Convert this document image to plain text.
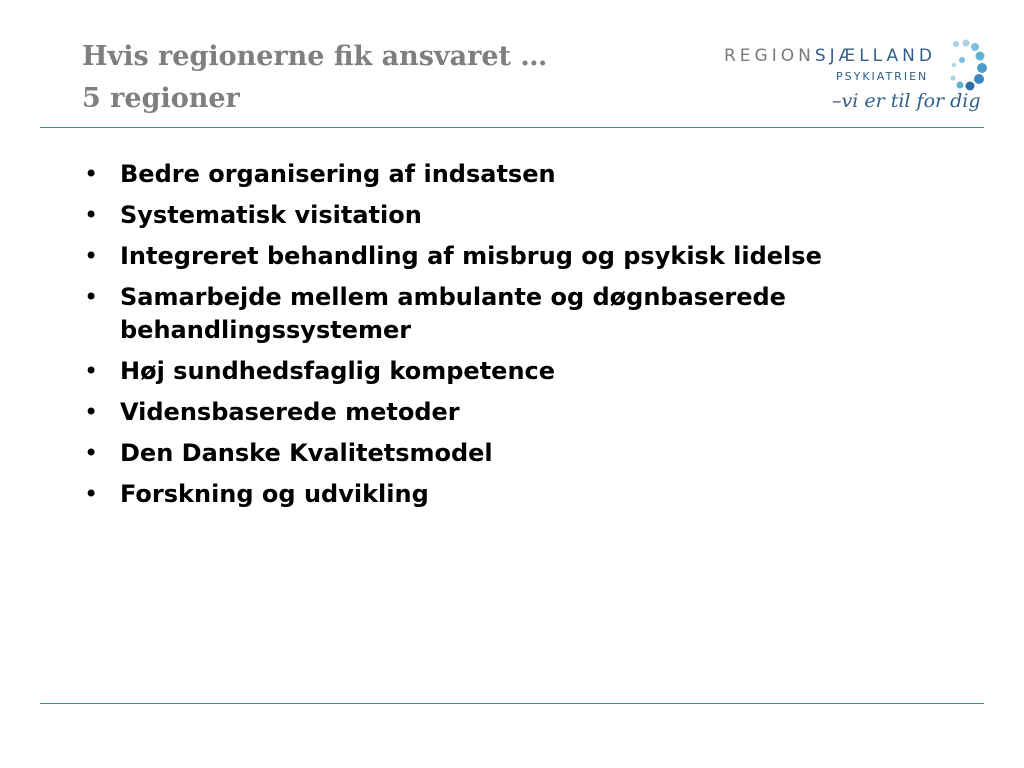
Hvis regionerne fik ansvaret …
5 regioner
REGIONSJÆLLAND
PSYKIATRIEN
–vi er til for dig
• Bedre organisering af indsatsen
• Systematisk visitation
• Integreret behandling af misbrug og psykisk lidelse
• Samarbejde mellem ambulante og døgnbaserede behandlingssystemer
• Høj sundhedsfaglig kompetence
• Vidensbaserede metoder
• Den Danske Kvalitetsmodel
• Forskning og udvikling
